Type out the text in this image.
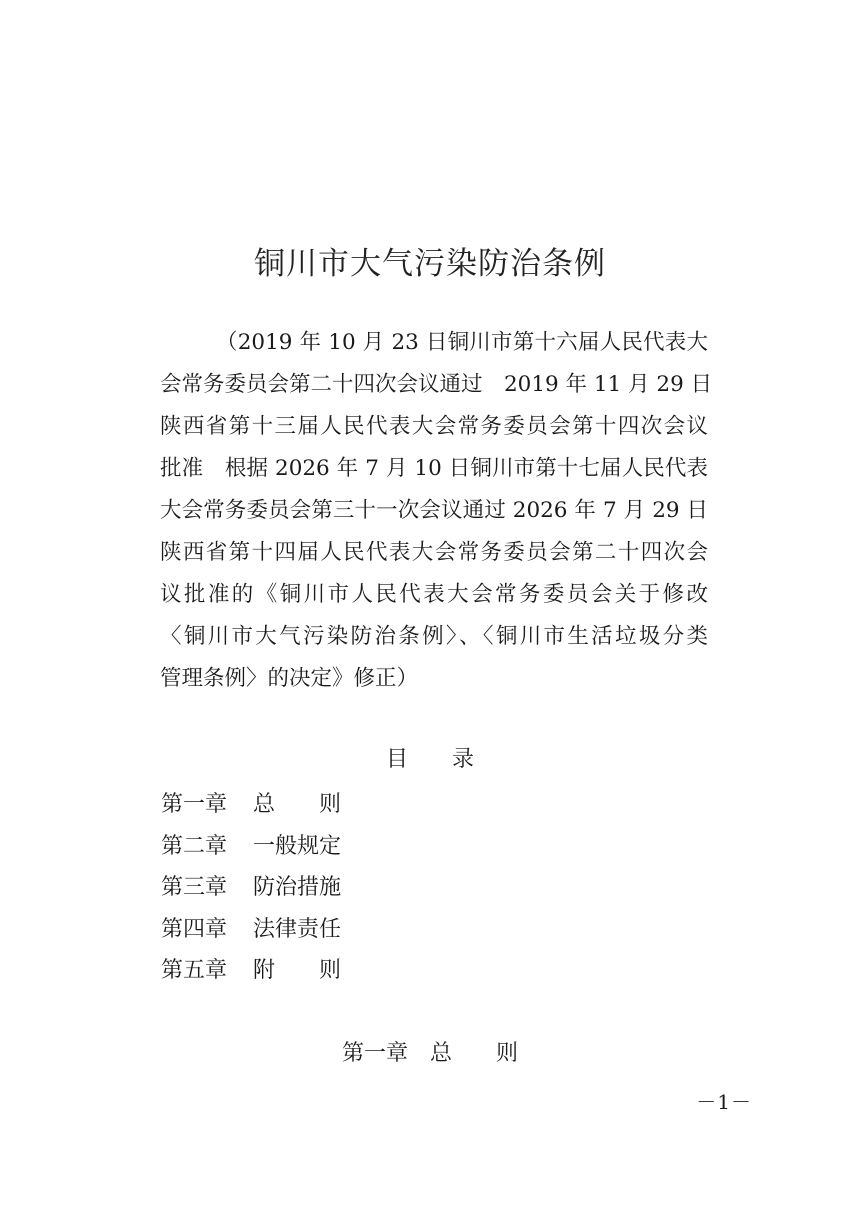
铜川市大气污染防治条例
（2019 年 10 月 23 日铜川市第十六届人民代表大
会常务委员会第二十四次会议通过　2019 年 11 月 29 日
陕西省第十三届人民代表大会常务委员会第十四次会议
批准　根据 2026 年 7 月 10 日铜川市第十七届人民代表
大会常务委员会第三十一次会议通过 2026 年 7 月 29 日
陕西省第十四届人民代表大会常务委员会第二十四次会
议批准的《铜川市人民代表大会常务委员会关于修改
〈铜川市大气污染防治条例〉、〈铜川市生活垃圾分类
管理条例〉的决定》修正）
目 录
第一章 总 则
第二章 一般规定
第三章 防治措施
第四章 法律责任
第五章 附 则
第一章 总 则
－1－
